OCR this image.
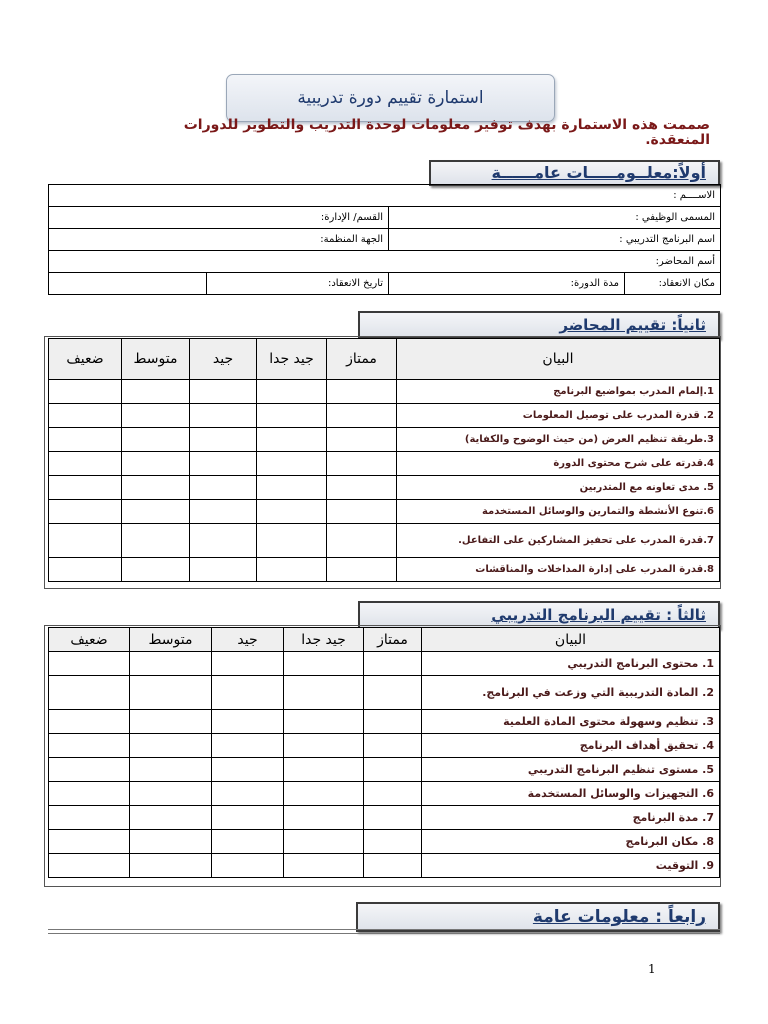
استمارة تقييم دورة تدريبية
صممت هذه الاستمارة بهدف توفير معلومات لوحدة التدريب والتطوير للدورات المنعقدة.
أولاً:معلــومـــــات عامــــــة
الاســــم :			
المسمى الوظيفي :		القسم/ الإدارة:	
اسم البرنامج التدريبي :		الجهة المنظمة:	
أسم المحاضر:			
مكان الانعقاد:	مدة الدورة:	تاريخ الانعقاد:	
ثانياً: تقييم المحاضر
البيان	ممتاز	جيد جدا	جيد	متوسط	ضعيف
1.إلمام المدرب بمواضيع البرنامج					
2. قدرة المدرب على توصيل المعلومات					
3.طريقة تنظيم العرض (من حيث الوضوح والكفاية)					
4.قدرته على شرح محتوى الدورة					
5. مدى تعاونه مع المتدربين					
6.تنوع الأنشطة والتمارين والوسائل المستخدمة					
7.قدرة المدرب على تحفيز المشاركين على التفاعل.					
8.قدرة المدرب على إدارة المداخلات والمناقشات					
ثالثاً : تقييم البرنامج التدريبي
البيان	ممتاز	جيد جدا	جيد	متوسط	ضعيف
1. محتوى البرنامج التدريبي					
2. المادة التدريبية التي وزعت في البرنامج.					
3. تنظيم وسهولة محتوى المادة العلمية					
4. تحقيق أهداف البرنامج					
5. مستوى تنظيم البرنامج التدريبي					
6. التجهيزات والوسائل المستخدمة					
7. مدة البرنامج					
8. مكان البرنامج					
9. التوقيت					
رابعاً : معلومات عامة
1
